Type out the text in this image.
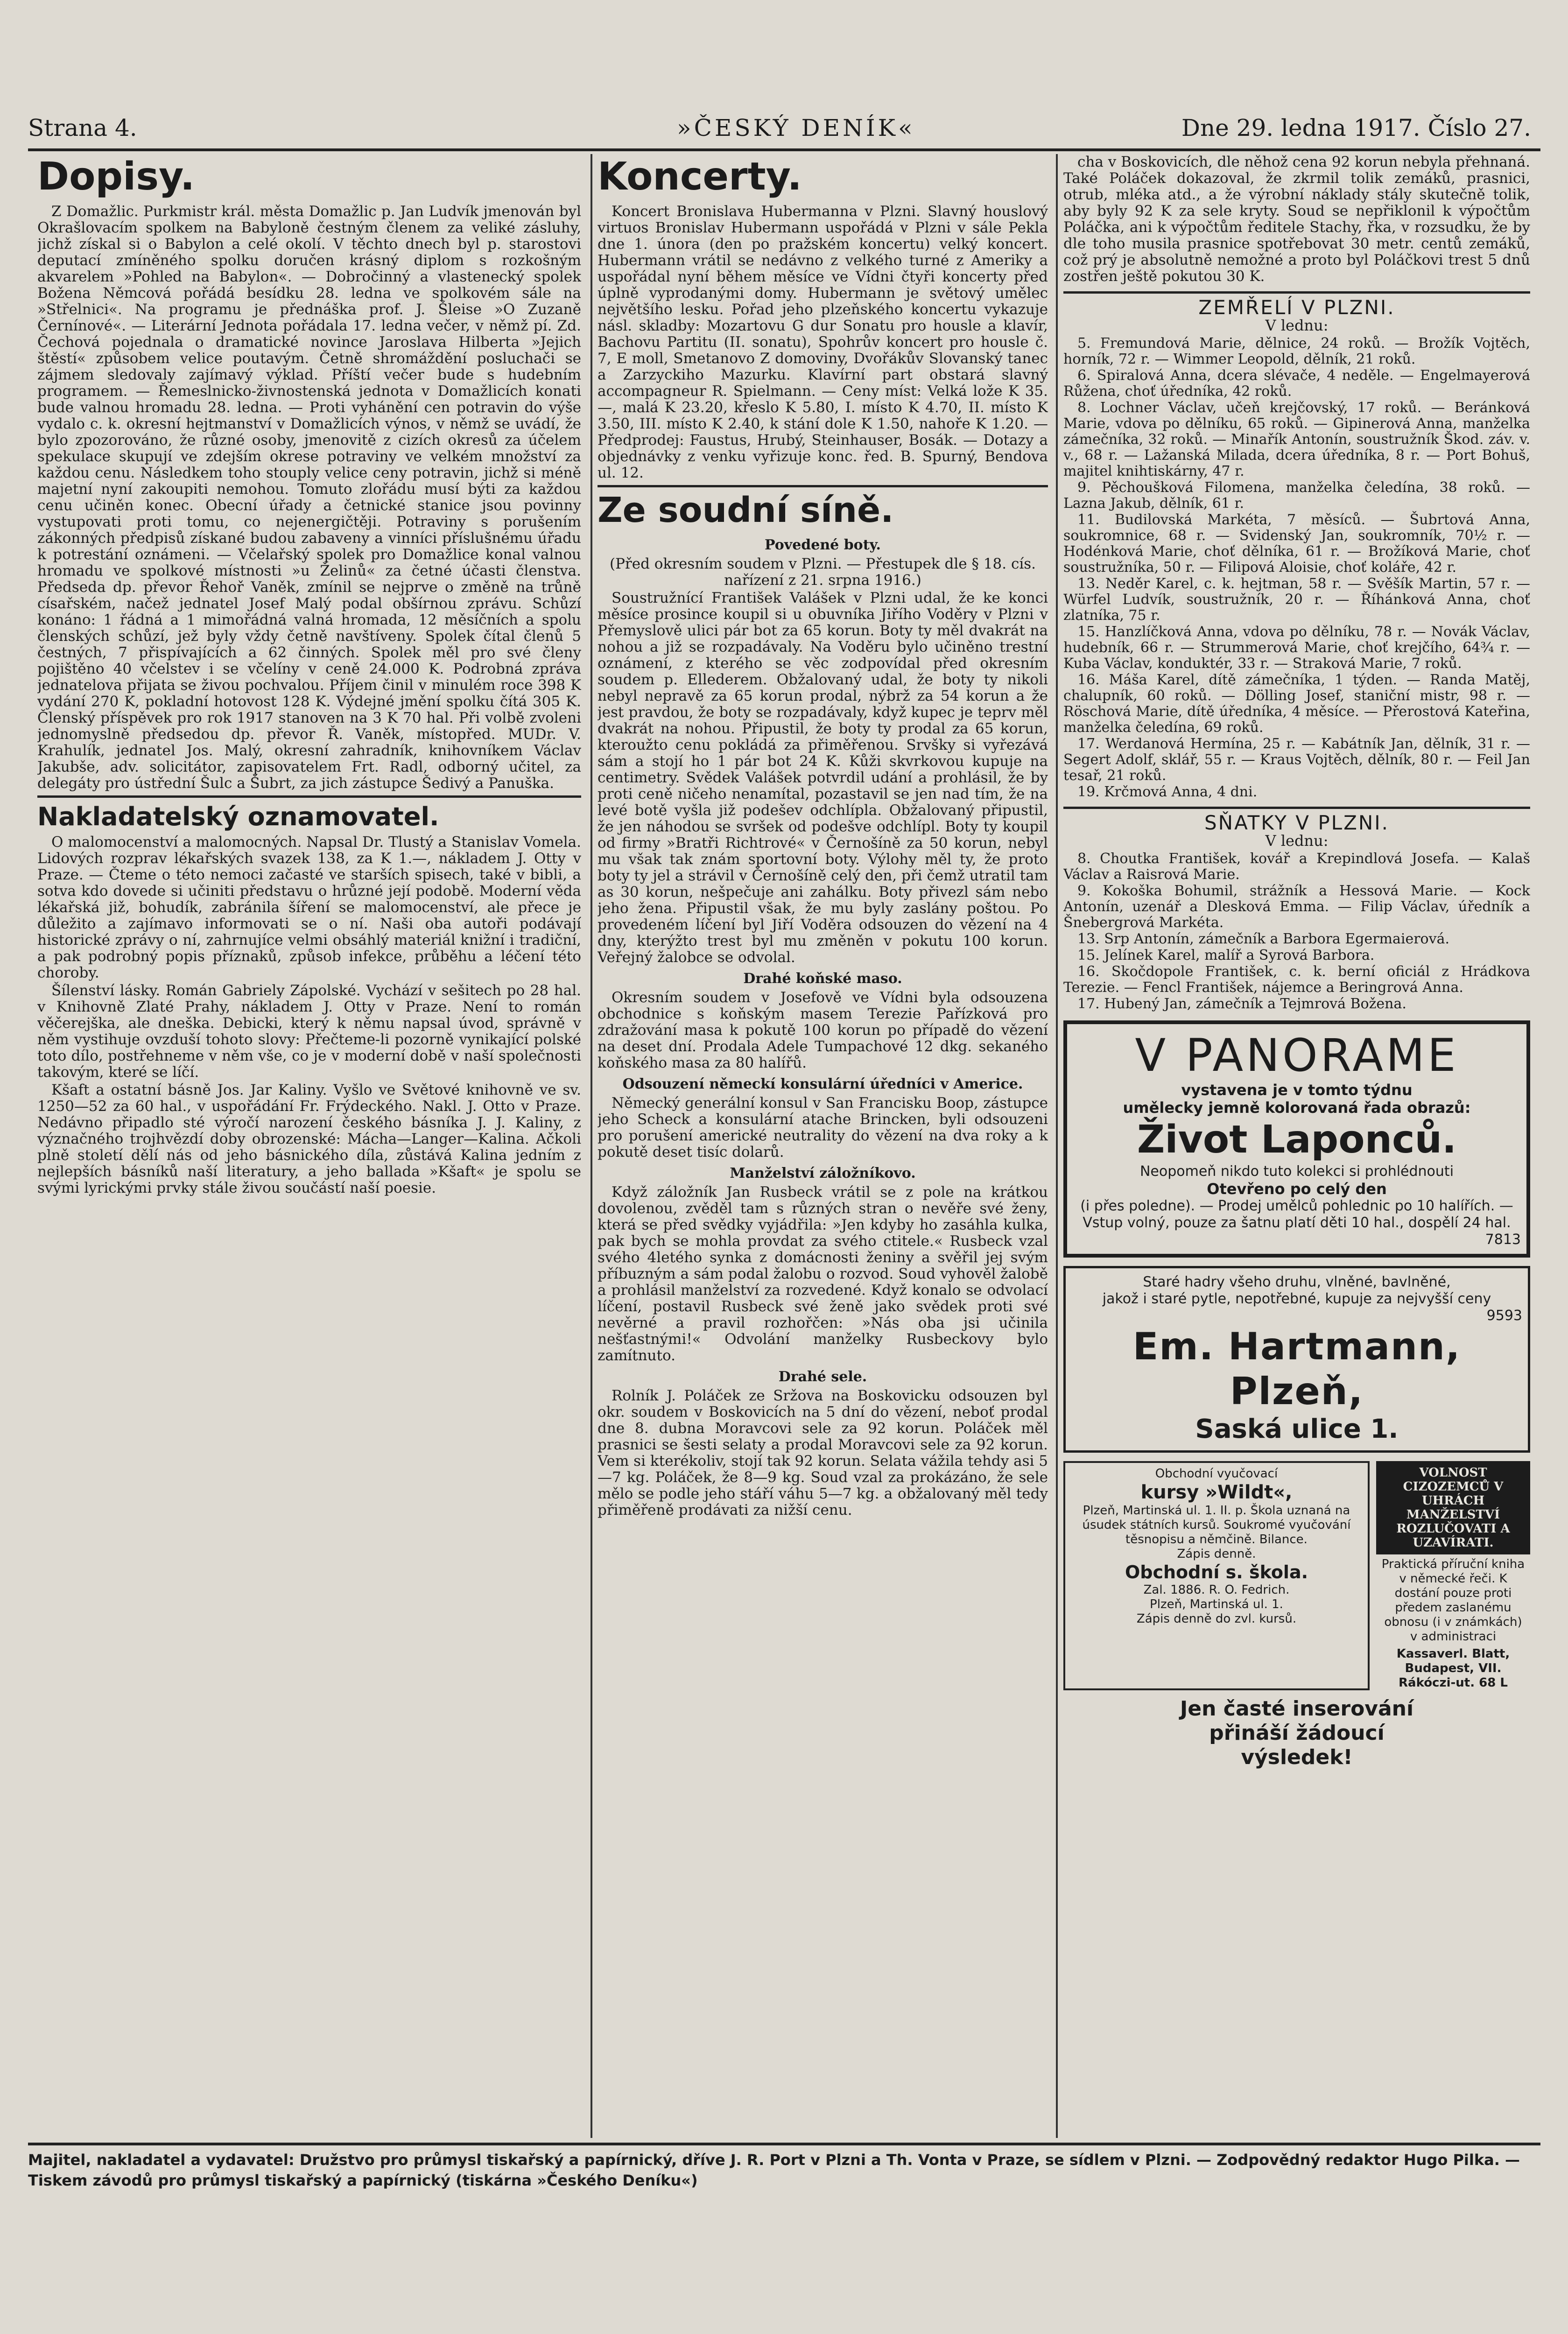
Strana 4.	»ČESKÝ DENÍK«	Dne 29. ledna 1917. Číslo 27.
Dopisy.

Z Domažlic. Purkmistr král. města Domažlic p. Jan Ludvík jmenován byl Okrašlovacím spolkem na Babyloně čestným členem za veliké zásluhy, jichž získal si o Babylon a celé okolí. V těchto dnech byl p. starostovi deputací zmíněného spolku doručen krásný diplom s rozkošným akvarelem »Pohled na Babylon«. — Dobročinný a vlastenecký spolek Božena Němcová pořádá besídku 28. ledna ve spolkovém sále na »Střelnici«. Na programu je přednáška prof. J. Šleise »O Zuzaně Černínové«. — Literární Jednota pořádala 17. ledna večer, v němž pí. Zd. Čechová pojednala o dramatické novince Jaroslava Hilberta »Jejich štěstí« způsobem velice poutavým. Četně shromáždění posluchači se zájmem sledovaly zajímavý výklad. Příští večer bude s hudebním programem. — Řemeslnicko-živnostenská jednota v Domažlicích konati bude valnou hromadu 28. ledna. — Proti vyhánění cen potravin do výše vydalo c. k. okresní hejtmanství v Domažlicích výnos, v němž se uvádí, že bylo zpozorováno, že různé osoby, jmenovitě z cizích okresů za účelem spekulace skupují ve zdejším okrese potraviny ve velkém množství za každou cenu. Následkem toho stouply velice ceny potravin, jichž si méně majetní nyní zakoupiti nemohou. Tomuto zlořádu musí býti za každou cenu učiněn konec. Obecní úřady a četnické stanice jsou povinny vystupovati proti tomu, co nejenergičtěji. Potraviny s porušením zákonných předpisů získané budou zabaveny a vinníci příslušnému úřadu k potrestání oznámeni. — Včelařský spolek pro Domažlice konal valnou hromadu ve spolkové místnosti »u Želinů« za četné účasti členstva. Předseda dp. převor Řehoř Vaněk, zmínil se nejprve o změně na trůně císařském, načež jednatel Josef Malý podal obšírnou zprávu. Schůzí konáno: 1 řádná a 1 mimořádná valná hromada, 12 měsíčních a spolu členských schůzí, jež byly vždy četně navštíveny. Spolek čítal členů 5 čestných, 7 přispívajících a 62 činných. Spolek měl pro své členy pojištěno 40 včelstev i se včelíny v ceně 24.000 K. Podrobná zpráva jednatelova přijata se živou pochvalou. Příjem činil v minulém roce 398 K vydání 270 K, pokladní hotovost 128 K. Výdejné jmění spolku čítá 305 K. Členský příspěvek pro rok 1917 stanoven na 3 K 70 hal. Při volbě zvoleni jednomyslně předsedou dp. převor Ř. Vaněk, místopřed. MUDr. V. Krahulík, jednatel Jos. Malý, okresní zahradník, knihovníkem Václav Jakubše, adv. solicitátor, zapisovatelem Frt. Radl, odborný učitel, za delegáty pro ústřední Šulc a Šubrt, za jich zástupce Šedivý a Panuška.

Nakladatelský oznamovatel.

O malomocenství a malomocných. Napsal Dr. Tlustý a Stanislav Vomela. Lidových rozprav lékařských svazek 138, za K 1.—, nákladem J. Otty v Praze. — Čteme o této nemoci začasté ve starších spisech, také v bibli, a sotva kdo dovede si učiniti představu o hrůzné její podobě. Moderní věda lékařská již, bohudík, zabránila šíření se malomocenství, ale přece je důležito a zajímavo informovati se o ní. Naši oba autoři podávají historické zprávy o ní, zahrnujíce velmi obsáhlý materiál knižní i tradiční, a pak podrobný popis příznaků, způsob infekce, průběhu a léčení této choroby.

Šílenství lásky. Román Gabriely Zápolské. Vychází v sešitech po 28 hal. v Knihovně Zlaté Prahy, nákladem J. Otty v Praze. Není to román věčerejška, ale dneška. Debicki, který k němu napsal úvod, správně v něm vystihuje ovzduší tohoto slovy: Přečteme-li pozorně vynikající polské toto dílo, postřehneme v něm vše, co je v moderní době v naší společnosti takovým, které se líčí.

Kšaft a ostatní básně Jos. Jar Kaliny. Vyšlo ve Světové knihovně ve sv. 1250—52 za 60 hal., v uspořádání Fr. Frýdeckého. Nakl. J. Otto v Praze. Nedávno připadlo sté výročí narození českého básníka J. J. Kaliny, z význačného trojhvězdí doby obrozenské: Mácha—Langer—Kalina. Ačkoli plně století dělí nás od jeho básnického díla, zůstává Kalina jedním z nejlepších básníků naší literatury, a jeho ballada »Kšaft« je spolu se svými lyrickými prvky stále živou součástí naší poesie.

Koncerty.

Koncert Bronislava Hubermanna v Plzni. Slavný houslový virtuos Bronislav Hubermann uspořádá v Plzni v sále Pekla dne 1. února (den po pražském koncertu) velký koncert. Hubermann vrátil se nedávno z velkého turné z Ameriky a uspořádal nyní během měsíce ve Vídni čtyři koncerty před úplně vyprodanými domy. Hubermann je světový umělec největšího lesku. Pořad jeho plzeňského koncertu vykazuje násl. skladby: Mozartovu G dur Sonatu pro housle a klavír, Bachovu Partitu (II. sonatu), Spohrův koncert pro housle č. 7, E moll, Smetanovo Z domoviny, Dvořákův Slovanský tanec a Zarzyckiho Mazurku. Klavírní part obstará slavný accompagneur R. Spielmann. — Ceny míst: Velká lože K 35.—, malá K 23.20, křeslo K 5.80, I. místo K 4.70, II. místo K 3.50, III. místo K 2.40, k stání dole K 1.50, nahoře K 1.20. — Předprodej: Faustus, Hrubý, Steinhauser, Bosák. — Dotazy a objednávky z venku vyřizuje konc. řed. B. Spurný, Bendova ul. 12.

Ze soudní síně.
Povedené boty.

(Před okresním soudem v Plzni. — Přestupek dle § 18. cís. nařízení z 21. srpna 1916.)

Soustružnící František Valášek v Plzni udal, že ke konci měsíce prosince koupil si u obuvníka Jiřího Voděry v Plzni v Přemyslově ulici pár bot za 65 korun. Boty ty měl dvakrát na nohou a již se rozpadávaly. Na Voděru bylo učiněno trestní oznámení, z kterého se věc zodpovídal před okresním soudem p. Ellederem. Obžalovaný udal, že boty ty nikoli nebyl nepravě za 65 korun prodal, nýbrž za 54 korun a že jest pravdou, že boty se rozpadávaly, když kupec je teprv měl dvakrát na nohou. Připustil, že boty ty prodal za 65 korun, kteroužto cenu pokládá za přiměřenou. Srvšky si vyřezává sám a stojí ho 1 pár bot 24 K. Kůži skvrkovou kupuje na centimetry. Svědek Valášek potvrdil udání a prohlásil, že by proti ceně ničeho nenamítal, pozastavil se jen nad tím, že na levé botě vyšla již podešev odchlípla. Obžalovaný připustil, že jen náhodou se svršek od podešve odchlípl. Boty ty koupil od firmy »Bratři Richtrové« v Černošíně za 50 korun, nebyl mu však tak znám sportovní boty. Výlohy měl ty, že proto boty ty jel a strávil v Černošíně celý den, při čemž utratil tam as 30 korun, nešpečuje ani zahálku. Boty přivezl sám nebo jeho žena. Připustil však, že mu byly zaslány poštou. Po provedeném líčení byl Jiří Voděra odsouzen do vězení na 4 dny, kterýžto trest byl mu změněn v pokutu 100 korun. Veřejný žalobce se odvolal.

Drahé koňské maso.

Okresním soudem v Josefově ve Vídni byla odsouzena obchodnice s koňským masem Terezie Pařízková pro zdražování masa k pokutě 100 korun po případě do vězení na deset dní. Prodala Adele Tumpachové 12 dkg. sekaného koňského masa za 80 halířů.

Odsouzení německí konsulární úředníci v Americe.

Německý generální konsul v San Francisku Boop, zástupce jeho Scheck a konsulární atache Brincken, byli odsouzeni pro porušení americké neutrality do vězení na dva roky a k pokutě deset tisíc dolarů.

Manželství záložníkovo.

Když záložník Jan Rusbeck vrátil se z pole na krátkou dovolenou, zvěděl tam s různých stran o nevěře své ženy, která se před svědky vyjádřila: »Jen kdyby ho zasáhla kulka, pak bych se mohla provdat za svého ctitele.« Rusbeck vzal svého 4letého synka z domácnosti ženiny a svěřil jej svým příbuzným a sám podal žalobu o rozvod. Soud vyhověl žalobě a prohlásil manželství za rozvedené. Když konalo se odvolací líčení, postavil Rusbeck své ženě jako svědek proti své nevěrné a pravil rozhořčen: »Nás oba jsi učinila nešťastnými!« Odvolání manželky Rusbeckovy bylo zamítnuto.

Drahé sele.

Rolník J. Poláček ze Sržova na Boskovicku odsouzen byl okr. soudem v Boskovicích na 5 dní do vězení, neboť prodal dne 8. dubna Moravcovi sele za 92 korun. Poláček měl prasnici se šesti selaty a prodal Moravcovi sele za 92 korun. Vem si kterékoliv, stojí tak 92 korun. Selata vážila tehdy asi 5—7 kg. Poláček, že 8—9 kg. Soud vzal za prokázáno, že sele mělo se podle jeho stáří váhu 5—7 kg. a obžalovaný měl tedy přiměřeně prodávati za nižší cenu.

cha v Boskovicích, dle něhož cena 92 korun nebyla přehnaná. Také Poláček dokazoval, že zkrmil tolik zemáků, prasnici, otrub, mléka atd., a že výrobní náklady stály skutečně tolik, aby byly 92 K za sele kryty. Soud se nepřiklonil k výpočtům Poláčka, ani k výpočtům ředitele Stachy, řka, v rozsudku, že by dle toho musila prasnice spotřebovat 30 metr. centů zemáků, což prý je absolutně nemožné a proto byl Poláčkovi trest 5 dnů zostřen ještě pokutou 30 K.

ZEMŘELÍ V PLZNI.
V lednu:
5. Fremundová Marie, dělnice, 24 roků. — Brožík Vojtěch, horník, 72 r. — Wimmer Leopold, dělník, 21 roků.
6. Spiralová Anna, dcera slévače, 4 neděle. — Engelmayerová Růžena, choť úředníka, 42 roků.
8. Lochner Václav, učeň krejčovský, 17 roků. — Beránková Marie, vdova po dělníku, 65 roků. — Gipinerová Anna, manželka zámečníka, 32 roků. — Minařík Antonín, soustružník Škod. záv. v. v., 68 r. — Lažanská Milada, dcera úředníka, 8 r. — Port Bohuš, majitel knihtiskárny, 47 r.
9. Pěchoušková Filomena, manželka čeledína, 38 roků. — Lazna Jakub, dělník, 61 r.
11. Budilovská Markéta, 7 měsíců. — Šubrtová Anna, soukromnice, 68 r. — Svidenský Jan, soukromník, 70½ r. — Hodénková Marie, choť dělníka, 61 r. — Brožíková Marie, choť soustružníka, 50 r. — Filipová Aloisie, choť koláře, 42 r.
13. Neděr Karel, c. k. hejtman, 58 r. — Svěšík Martin, 57 r. — Würfel Ludvík, soustružník, 20 r. — Říhánková Anna, choť zlatníka, 75 r.
15. Hanzlíčková Anna, vdova po dělníku, 78 r. — Novák Václav, hudebník, 66 r. — Strummerová Marie, choť krejčího, 64¾ r. — Kuba Václav, konduktér, 33 r. — Straková Marie, 7 roků.
16. Máša Karel, dítě zámečníka, 1 týden. — Randa Matěj, chalupník, 60 roků. — Dölling Josef, staniční mistr, 98 r. — Röschová Marie, dítě úředníka, 4 měsíce. — Přerostová Kateřina, manželka čeledína, 69 roků.
17. Werdanová Hermína, 25 r. — Kabátník Jan, dělník, 31 r. — Segert Adolf, sklář, 55 r. — Kraus Vojtěch, dělník, 80 r. — Feil Jan tesař, 21 roků.
19. Krčmová Anna, 4 dni.
SŇATKY V PLZNI.
V lednu:
8. Choutka František, kovář a Krepindlová Josefa. — Kalaš Václav a Raisrová Marie.
9. Kokoška Bohumil, strážník a Hessová Marie. — Kock Antonín, uzenář a Dlesková Emma. — Filip Václav, úředník a Šnebergrová Markéta.
13. Srp Antonín, zámečník a Barbora Egermaierová.
15. Jelínek Karel, malíř a Syrová Barbora.
16. Skočdopole František, c. k. berní oficiál z Hrádkova Terezie. — Fencl František, nájemce a Beringrová Anna.
17. Hubený Jan, zámečník a Tejmrová Božena.
V PANORAME
vystavena je v tomto týdnu
umělecky jemně kolorovaná řada obrazů:
Život Laponců.
Neopomeň nikdo tuto kolekci si prohlédnouti
Otevřeno po celý den
(i přes poledne). — Prodej umělců pohlednic po 10 halířích. — Vstup volný, pouze za šatnu platí děti 10 hal., dospělí 24 hal.
7813
Staré hadry všeho druhu, vlněné, bavlněné,
jakož i staré pytle, nepotřebné, kupuje za nejvyšší ceny
9593
Em. Hartmann, Plzeň,
Saská ulice 1.
Obchodní vyučovací
kursy »Wildt«,
Plzeň, Martinská ul. 1. II. p. Škola uznaná na úsudek státních kursů. Soukromé vyučování těsnopisu a němčině. Bilance.
Zápis denně.
Obchodní s. škola.
Zal. 1886. R. O. Fedrich.
Plzeň, Martinská ul. 1.
Zápis denně do zvl. kursů.
VOLNOST CIZOZEMCŮ V UHRÁCH
MANŽELSTVÍ ROZLUČOVATI A UZAVÍRATI.
Praktická příruční kniha v německé řeči. K dostání pouze proti předem zaslanému obnosu (i v známkách) v administraci
Kassaverl. Blatt, Budapest, VII. Rákóczi-ut. 68 L
Jen časté inserování
přináší žádoucí
výsledek!
Majitel, nakladatel a vydavatel: Družstvo pro průmysl tiskařský a papírnický, dříve J. R. Port v Plzni a Th. Vonta v Praze, se sídlem v Plzni. — Zodpovědný redaktor Hugo Pilka. — Tiskem závodů pro průmysl tiskařský a papírnický (tiskárna »Českého Deníku«)
